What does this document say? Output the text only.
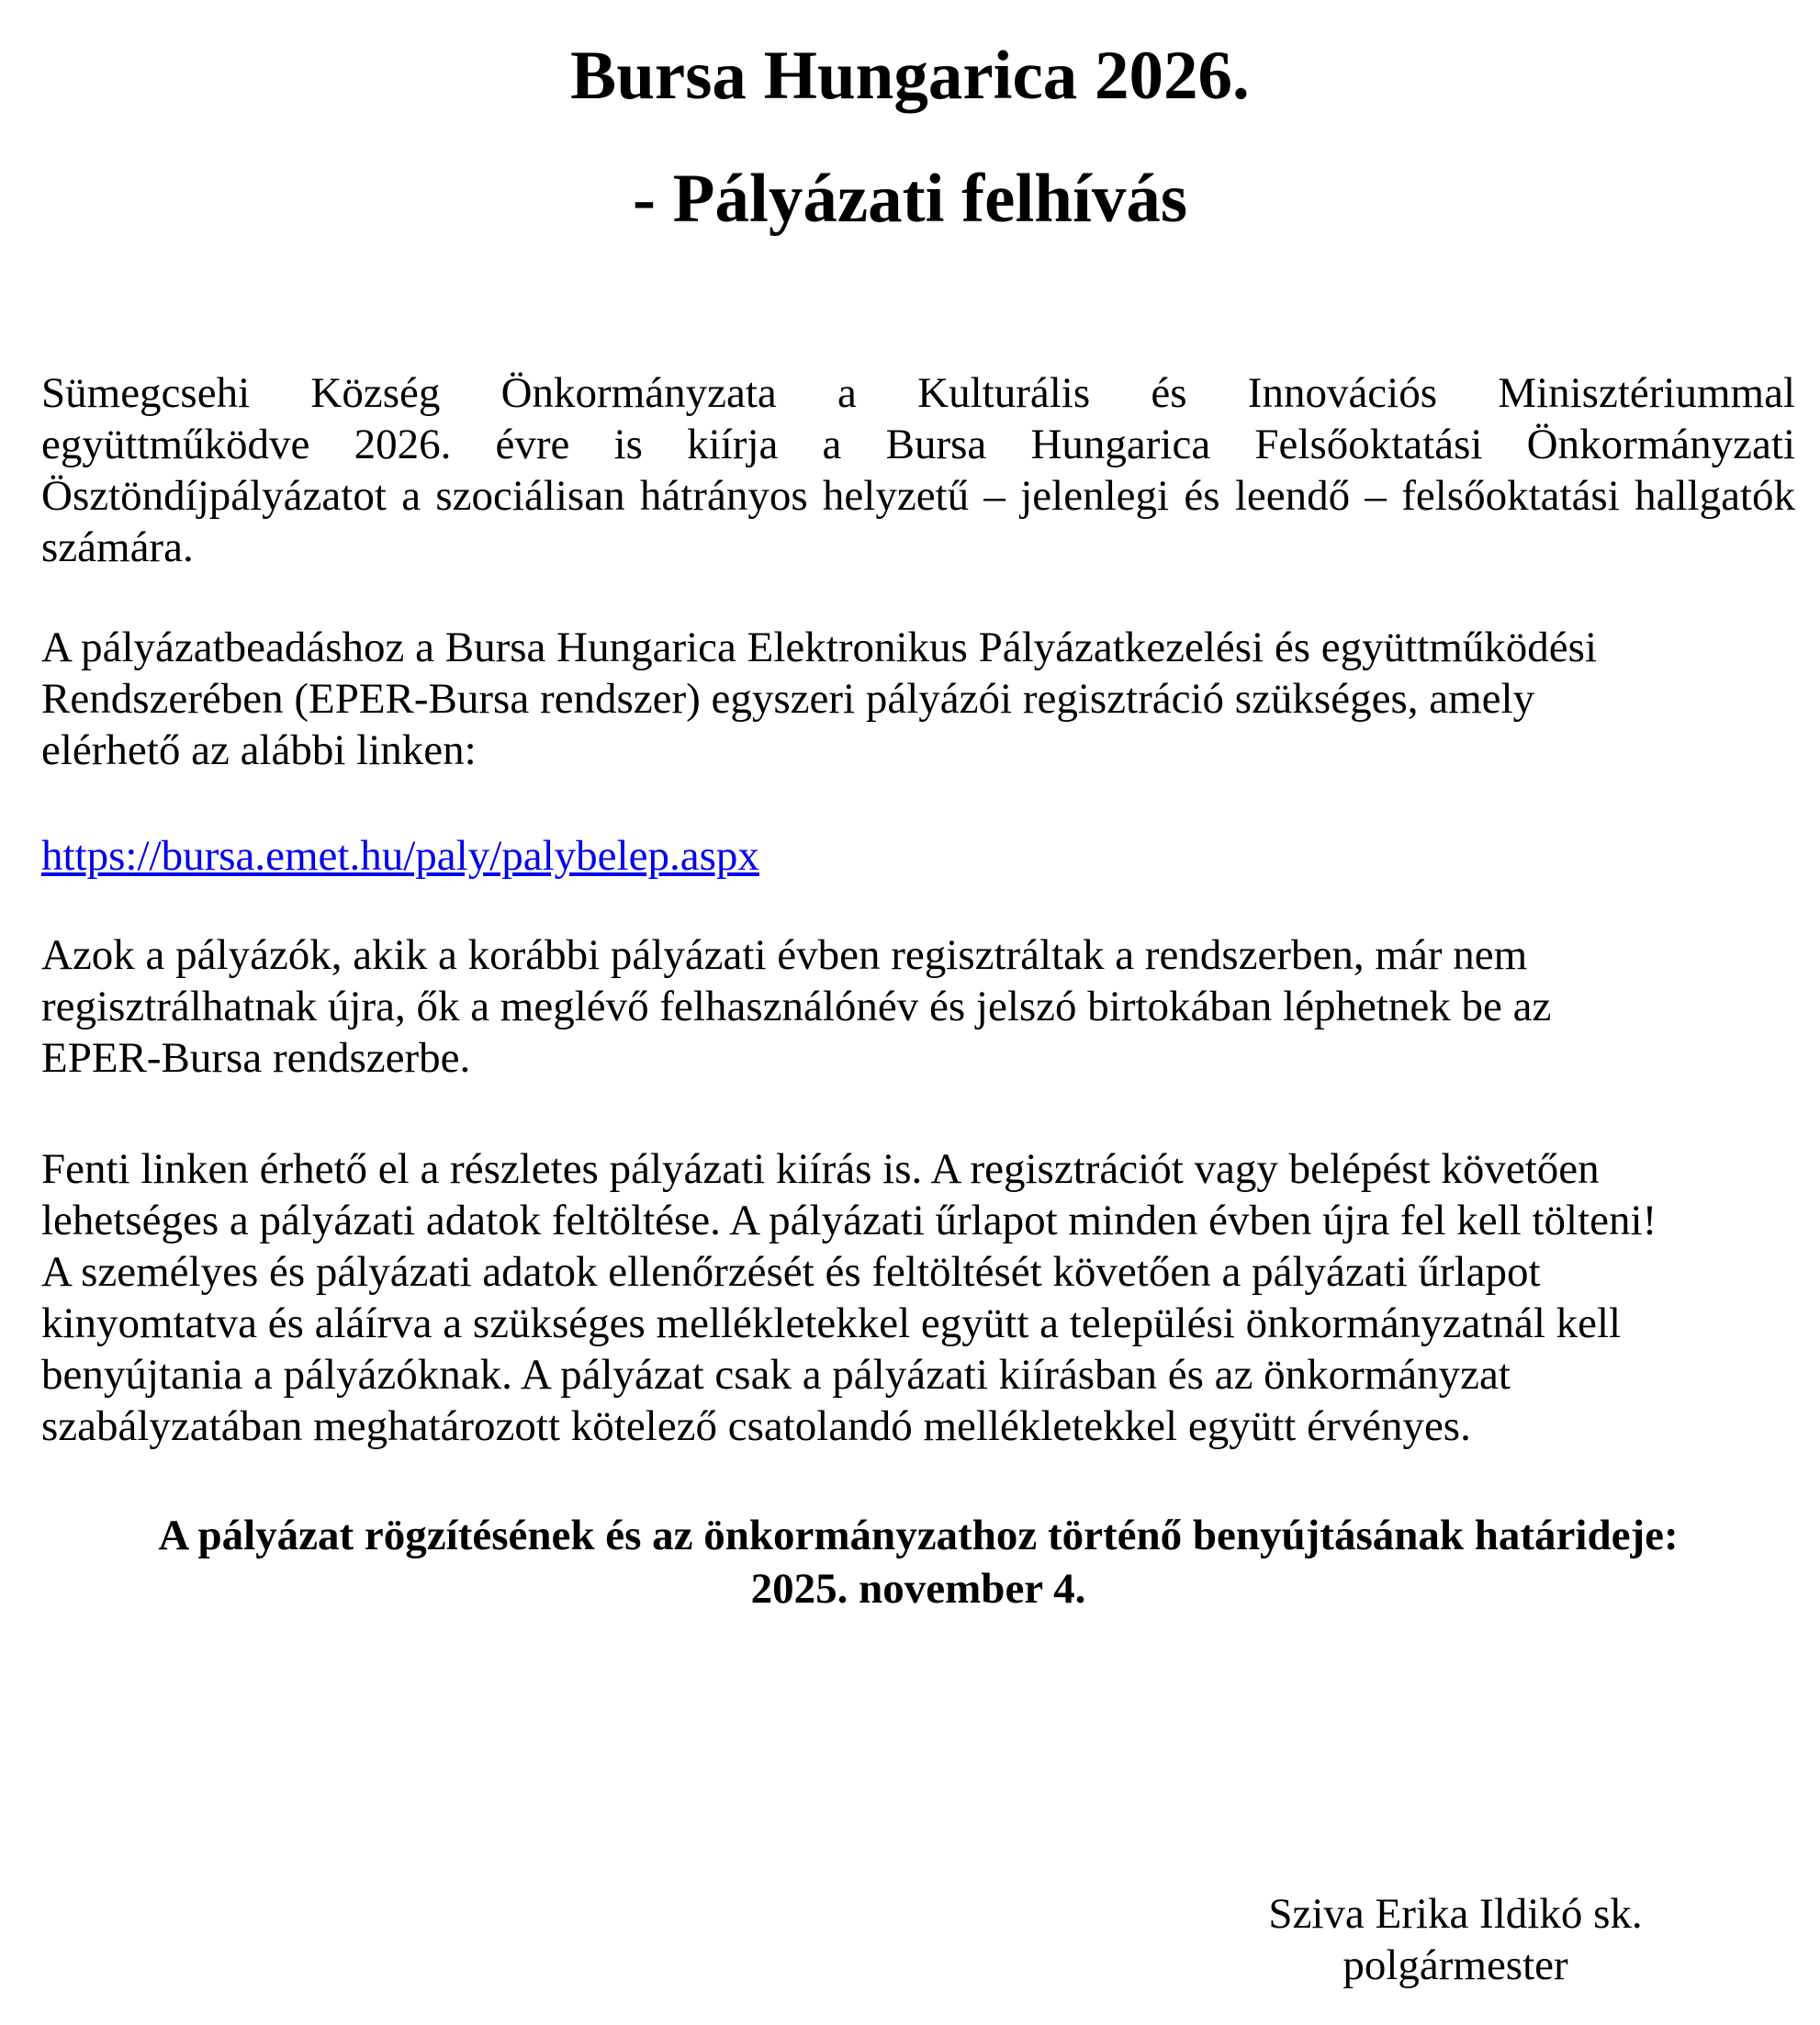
Bursa Hungarica 2026.
- Pályázati felhívás
Sümegcsehi Község Önkormányzata a Kulturális és Innovációs Minisztériummal
együttműködve 2026. évre is kiírja a Bursa Hungarica Felsőoktatási Önkormányzati
Ösztöndíjpályázatot a szociálisan hátrányos helyzetű – jelenlegi és leendő – felsőoktatási hallgatók
számára.
A pályázatbeadáshoz a Bursa Hungarica Elektronikus Pályázatkezelési és együttműködési
Rendszerében (EPER-Bursa rendszer) egyszeri pályázói regisztráció szükséges, amely
elérhető az alábbi linken:
https://bursa.emet.hu/paly/palybelep.aspx
Azok a pályázók, akik a korábbi pályázati évben regisztráltak a rendszerben, már nem
regisztrálhatnak újra, ők a meglévő felhasználónév és jelszó birtokában léphetnek be az
EPER-Bursa rendszerbe.
Fenti linken érhető el a részletes pályázati kiírás is. A regisztrációt vagy belépést követően
lehetséges a pályázati adatok feltöltése. A pályázati űrlapot minden évben újra fel kell tölteni!
A személyes és pályázati adatok ellenőrzését és feltöltését követően a pályázati űrlapot
kinyomtatva és aláírva a szükséges mellékletekkel együtt a települési önkormányzatnál kell
benyújtania a pályázóknak. A pályázat csak a pályázati kiírásban és az önkormányzat
szabályzatában meghatározott kötelező csatolandó mellékletekkel együtt érvényes.
A pályázat rögzítésének és az önkormányzathoz történő benyújtásának határideje:
2025. november 4.
Sziva Erika Ildikó sk.
polgármester
